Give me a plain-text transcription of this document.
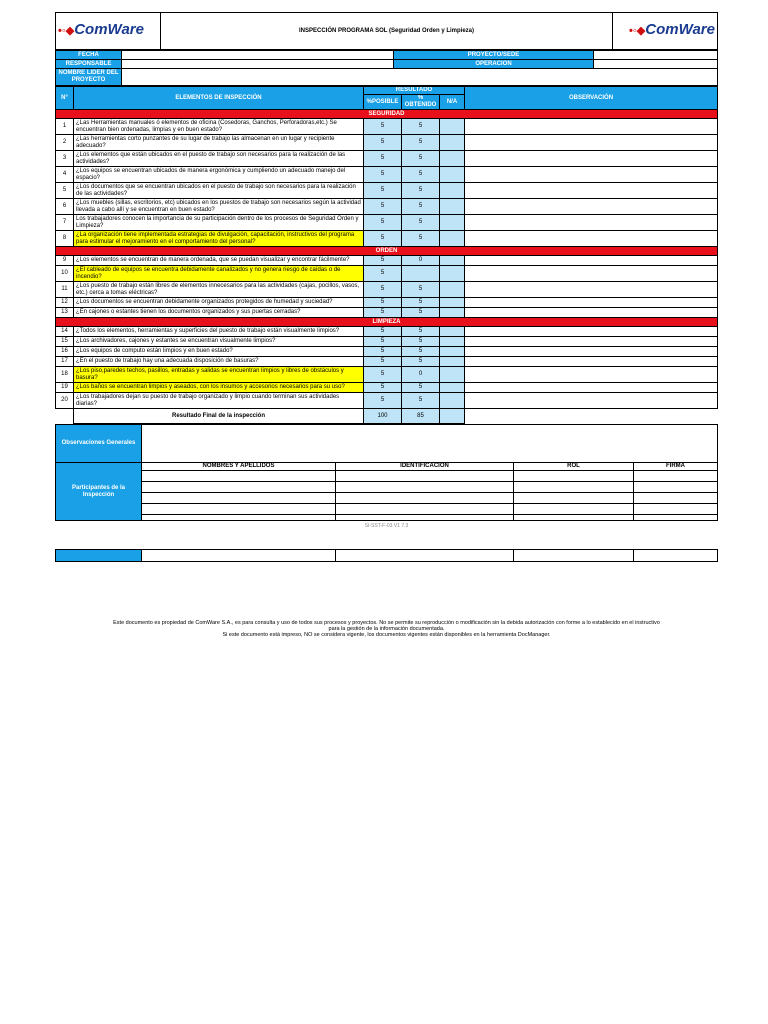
•◦◆ComWare	INSPECCIÓN PROGRAMA SOL (Seguridad Orden y Limpieza)	•◦◆ComWare
FECHA		PROYECTO/SEDE	
RESPONSABLE		OPERACIÓN	
NOMBRE LIDER DEL PROYECTO			
N°	ELEMENTOS DE INSPECCIÓN	RESULTADO			OBSERVACIÓN
		%POSIBLE	% OBTENIDO	N/A	
SEGURIDAD					
1	¿Las Herramientas manuales ó elementos de oficina (Cosedoras, Ganchos, Perforadoras,etc.) Se encuentran bien ordenadas, limpias y en buen estado?	5	5		
2	¿Las herramientas corto punzantes de su lugar de trabajo las almacenan en un lugar y recipiente adecuado?	5	5		
3	¿Los elementos que están ubicados en el puesto de trabajo son necesarios para la realización de las actividades?	5	5		
4	¿Los equipos se encuentran ubicados de manera ergonómica y cumpliendo un adecuado manejo del espacio?	5	5		
5	¿Los documentos que se encuentran ubicados en el puesto de trabajo son necesarios para la realización de las actividades?	5	5		
6	¿Los muebles (sillas, escritorios, etc) ubicados en los puestos de trabajo son necesarios según la actividad llevada a cabo allí y se encuentran en buen estado?	5	5		
7	Los trabajadores conocen la importancia de su participación dentro de los procesos de Seguridad Orden y Limpieza?	5	5		
8	¿La organización tiene implementada estrategias de divulgación, capacitación, instructivos del programa para estimular el mejoramiento en el comportamiento del personal?	5	5		
ORDEN					
9	¿Los elementos se encuentran de manera ordenada, que se puedan visualizar y encontrar fácilmente?	5	0		
10	¿El cableado de equipos se encuentra debidamente canalizados y no genera riesgo de caídas o de incendio?	5			
11	¿Los puesto de trabajo están libres de elementos innecesarios para las actividades (cajas, pocillos, vasos, etc.) cerca a tomas eléctricas?	5	5		
12	¿Los documentos se encuentran debidamente organizados protegidos de humedad y suciedad?	5	5		
13	¿En cajones o estantes tienen los documentos organizados y sus puertas cerradas?	5	5		
LIMPIEZA					
14	¿Todos los elementos, herramientas y superficies del puesto de trabajo están visualmente limpios?	5	5		
15	¿Los archivadores, cajones y estantes se encuentran visualmente limpios?	5	5		
16	¿Los equipos de computo están limpios y en buen estado?	5	5		
17	¿En el puesto de trabajo hay una adecuada disposición de basuras?	5	5		
18	¿Los piso,paredes techos, pasillos, entradas y salidas se encuentran limpios y libres de obstáculos y basura?	5	0		
19	¿Los baños se encuentran limpios y aseados, con los insumos y accesorios necesarios para su uso?	5	5		
20	¿Los trabajadores dejan su puesto de trabajo organizado y limpio cuando terminan sus actividades diarias?	5	5		
	Resultado Final de la inspección	100	85		
Observaciones Generales				
Participantes de la Inspección	NOMBRES Y APELLIDOS	IDENTIFICACIÓN	ROL	FIRMA

SI-SST-F-03 V1 7.3

Este documento es propiedad de ComWare S.A., es para consulta y uso de todos sus procesos y proyectos. No se permite su reproducción o modificación sin la debida autorización con forme a lo establecido en el instructivo
para la gestión de la información documentada.
Si este documento está impreso, NO se considera vigente, los documentos vigentes están disponibles en la herramienta DocManager.
